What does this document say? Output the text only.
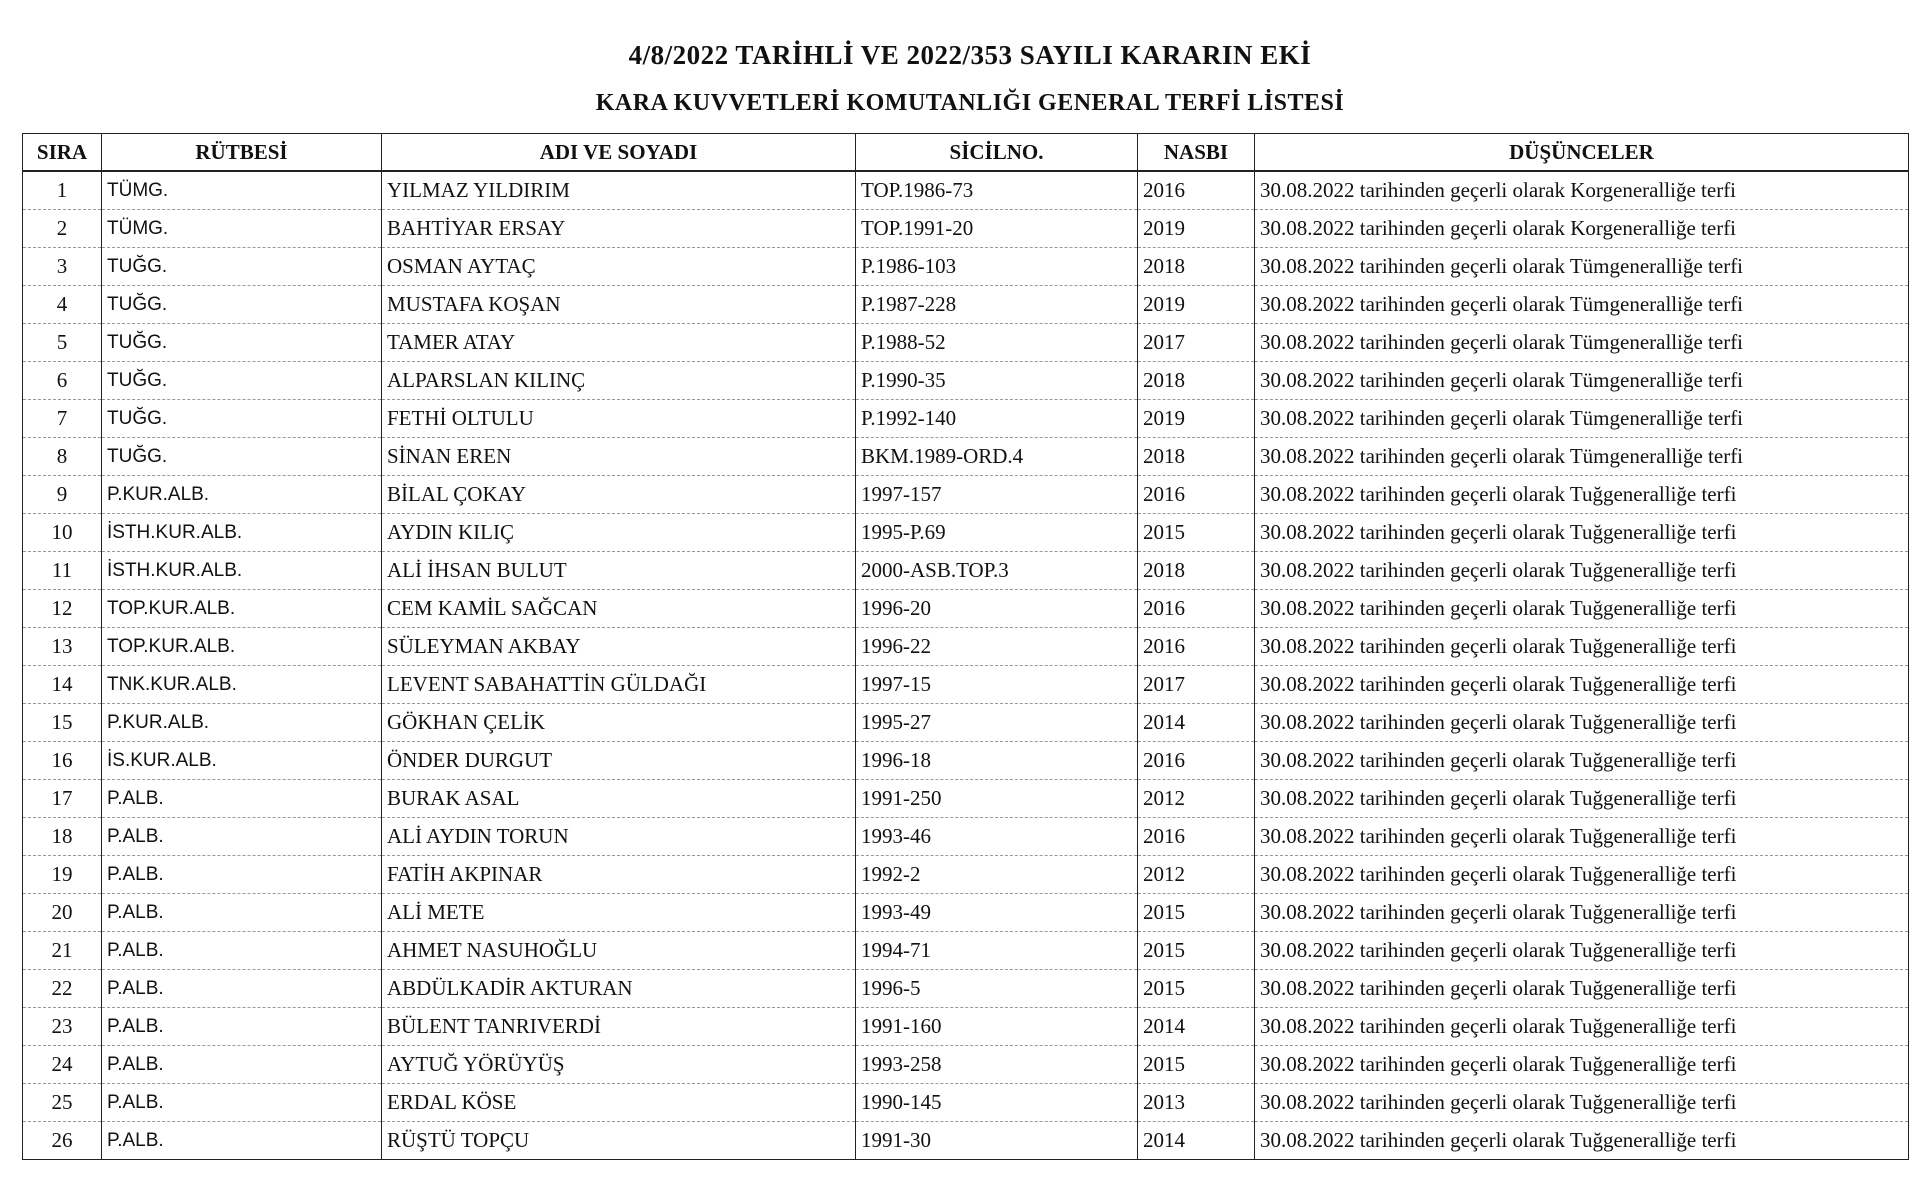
4/8/2022 TARİHLİ VE 2022/353 SAYILI KARARIN EKİ
KARA KUVVETLERİ KOMUTANLIĞI GENERAL TERFİ LİSTESİ
SIRA	RÜTBESİ	ADI VE SOYADI	SİCİLNO.	NASBI	DÜŞÜNCELER
1	TÜMG.	YILMAZ YILDIRIM	TOP.1986-73	2016	30.08.2022 tarihinden geçerli olarak Korgeneralliğe terfi
2	TÜMG.	BAHTİYAR ERSAY	TOP.1991-20	2019	30.08.2022 tarihinden geçerli olarak Korgeneralliğe terfi
3	TUĞG.	OSMAN AYTAÇ	P.1986-103	2018	30.08.2022 tarihinden geçerli olarak Tümgeneralliğe terfi
4	TUĞG.	MUSTAFA KOŞAN	P.1987-228	2019	30.08.2022 tarihinden geçerli olarak Tümgeneralliğe terfi
5	TUĞG.	TAMER ATAY	P.1988-52	2017	30.08.2022 tarihinden geçerli olarak Tümgeneralliğe terfi
6	TUĞG.	ALPARSLAN KILINÇ	P.1990-35	2018	30.08.2022 tarihinden geçerli olarak Tümgeneralliğe terfi
7	TUĞG.	FETHİ OLTULU	P.1992-140	2019	30.08.2022 tarihinden geçerli olarak Tümgeneralliğe terfi
8	TUĞG.	SİNAN EREN	BKM.1989-ORD.4	2018	30.08.2022 tarihinden geçerli olarak Tümgeneralliğe terfi
9	P.KUR.ALB.	BİLAL ÇOKAY	1997-157	2016	30.08.2022 tarihinden geçerli olarak Tuğgeneralliğe terfi
10	İSTH.KUR.ALB.	AYDIN KILIÇ	1995-P.69	2015	30.08.2022 tarihinden geçerli olarak Tuğgeneralliğe terfi
11	İSTH.KUR.ALB.	ALİ İHSAN BULUT	2000-ASB.TOP.3	2018	30.08.2022 tarihinden geçerli olarak Tuğgeneralliğe terfi
12	TOP.KUR.ALB.	CEM KAMİL SAĞCAN	1996-20	2016	30.08.2022 tarihinden geçerli olarak Tuğgeneralliğe terfi
13	TOP.KUR.ALB.	SÜLEYMAN AKBAY	1996-22	2016	30.08.2022 tarihinden geçerli olarak Tuğgeneralliğe terfi
14	TNK.KUR.ALB.	LEVENT SABAHATTİN GÜLDAĞI	1997-15	2017	30.08.2022 tarihinden geçerli olarak Tuğgeneralliğe terfi
15	P.KUR.ALB.	GÖKHAN ÇELİK	1995-27	2014	30.08.2022 tarihinden geçerli olarak Tuğgeneralliğe terfi
16	İS.KUR.ALB.	ÖNDER DURGUT	1996-18	2016	30.08.2022 tarihinden geçerli olarak Tuğgeneralliğe terfi
17	P.ALB.	BURAK ASAL	1991-250	2012	30.08.2022 tarihinden geçerli olarak Tuğgeneralliğe terfi
18	P.ALB.	ALİ AYDIN TORUN	1993-46	2016	30.08.2022 tarihinden geçerli olarak Tuğgeneralliğe terfi
19	P.ALB.	FATİH AKPINAR	1992-2	2012	30.08.2022 tarihinden geçerli olarak Tuğgeneralliğe terfi
20	P.ALB.	ALİ METE	1993-49	2015	30.08.2022 tarihinden geçerli olarak Tuğgeneralliğe terfi
21	P.ALB.	AHMET NASUHOĞLU	1994-71	2015	30.08.2022 tarihinden geçerli olarak Tuğgeneralliğe terfi
22	P.ALB.	ABDÜLKADİR AKTURAN	1996-5	2015	30.08.2022 tarihinden geçerli olarak Tuğgeneralliğe terfi
23	P.ALB.	BÜLENT TANRIVERDİ	1991-160	2014	30.08.2022 tarihinden geçerli olarak Tuğgeneralliğe terfi
24	P.ALB.	AYTUĞ YÖRÜYÜŞ	1993-258	2015	30.08.2022 tarihinden geçerli olarak Tuğgeneralliğe terfi
25	P.ALB.	ERDAL KÖSE	1990-145	2013	30.08.2022 tarihinden geçerli olarak Tuğgeneralliğe terfi
26	P.ALB.	RÜŞTÜ TOPÇU	1991-30	2014	30.08.2022 tarihinden geçerli olarak Tuğgeneralliğe terfi
